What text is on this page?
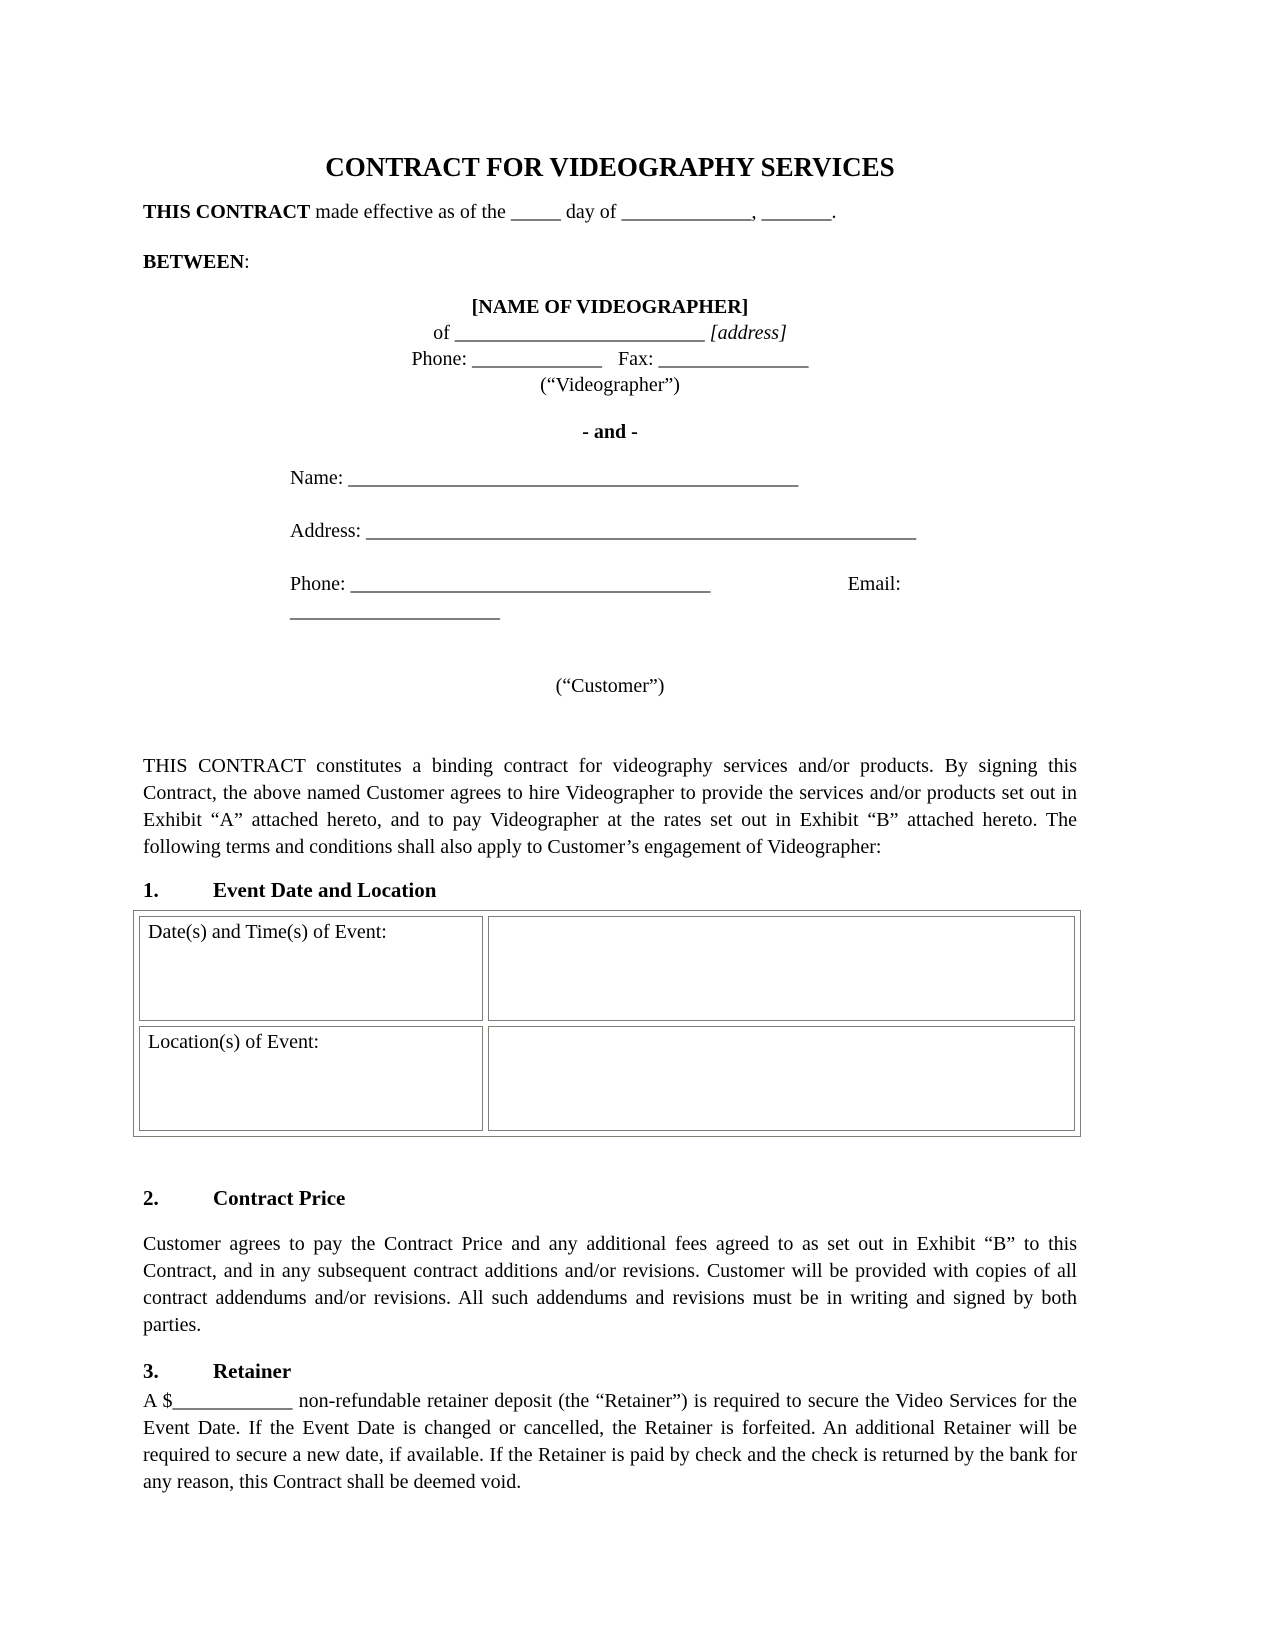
CONTRACT FOR VIDEOGRAPHY SERVICES

THIS CONTRACT made effective as of the _____ day of _____________, _______.

BETWEEN:

[NAME OF VIDEOGRAPHER]

of _________________________ [address]

Phone: _____________ Fax: _______________

(“Videographer”)

- and -

Name: _____________________________________________

Address: _______________________________________________________

Phone: ____________________________________	Email: _____________________

(“Customer”)

THIS CONTRACT constitutes a binding contract for videography services and/or products. By signing this Contract, the above named Customer agrees to hire Videographer to provide the services and/or products set out in Exhibit “A” attached hereto, and to pay Videographer at the rates set out in Exhibit “B” attached hereto. The following terms and conditions shall also apply to Customer’s engagement of Videographer:

1.	Event Date and Location
Date(s) and Time(s) of Event:	
Location(s) of Event:	
2.	Contract Price

Customer agrees to pay the Contract Price and any additional fees agreed to as set out in Exhibit “B” to this Contract, and in any subsequent contract additions and/or revisions. Customer will be provided with copies of all contract addendums and/or revisions. All such addendums and revisions must be in writing and signed by both parties.

3.	Retainer

A $____________ non-refundable retainer deposit (the “Retainer”) is required to secure the Video Services for the Event Date. If the Event Date is changed or cancelled, the Retainer is forfeited. An additional Retainer will be required to secure a new date, if available. If the Retainer is paid by check and the check is returned by the bank for any reason, this Contract shall be deemed void.
